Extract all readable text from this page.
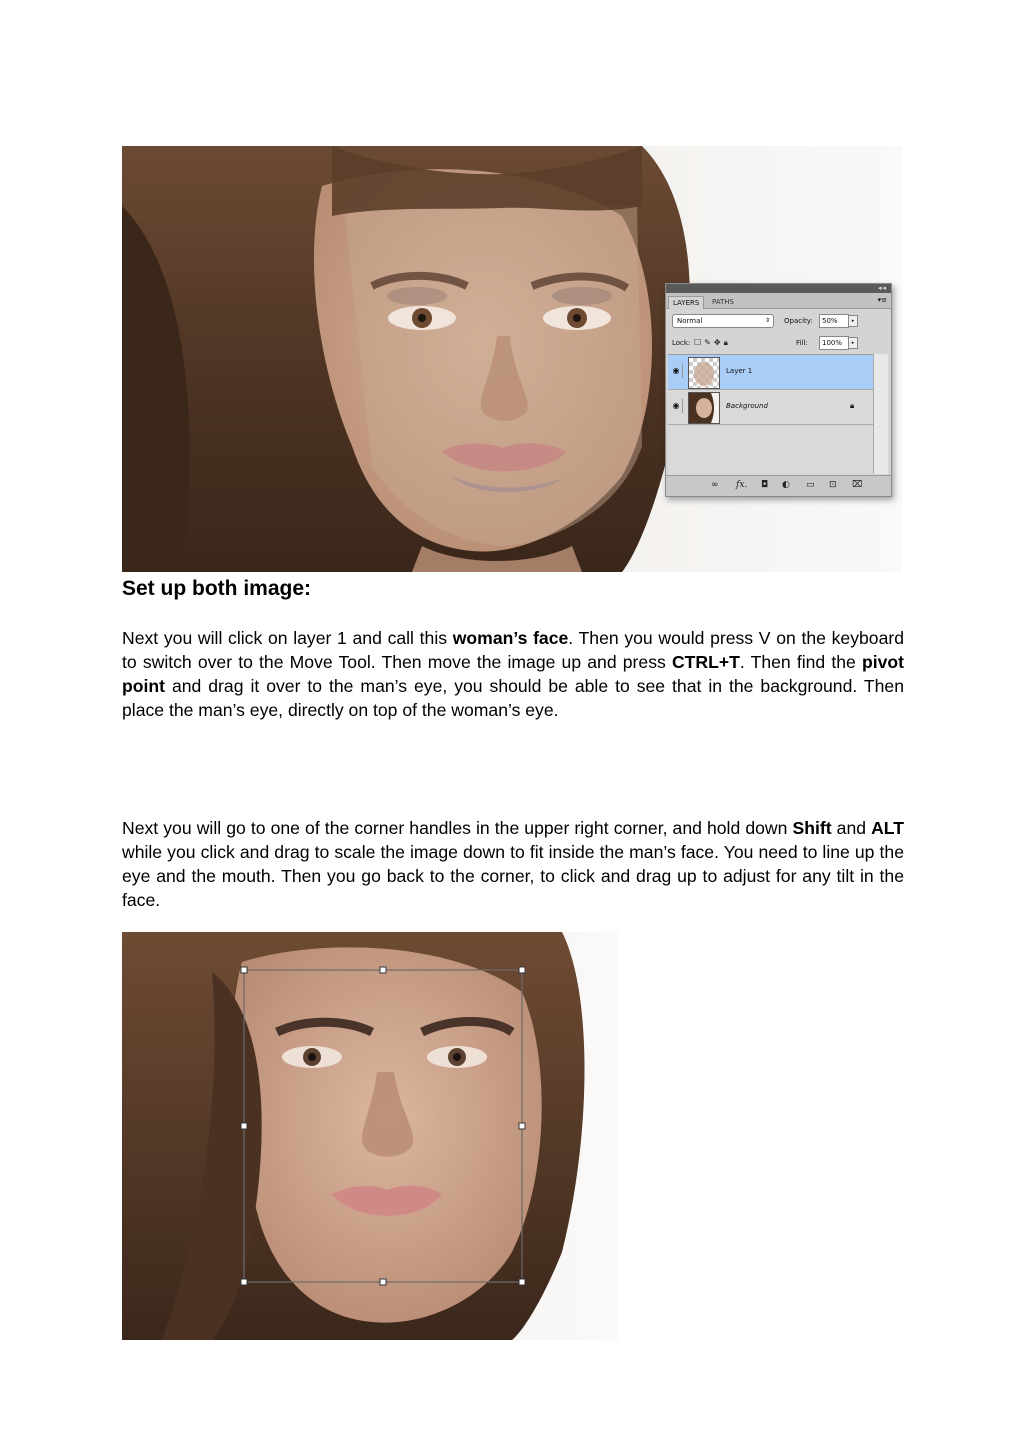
◂◂
LAYERS	PATHS	▾≡
Normal	⇕ Opacity:	50%	▸
Lock: ☐✎✥🔒︎	Fill:	100%	▸
◉	Layer 1
◉	Background	🔒︎
∞ fx. ◘ ◐ ▭ ⊡ ⌧
Set up both image:
Next you will click on layer 1 and call this woman’s face. Then you would press V on the keyboard to switch over to the Move Tool. Then move the image up and press CTRL+T. Then find the pivot point and drag it over to the man’s eye, you should be able to see that in the background. Then place the man’s eye, directly on top of the woman’s eye.
Next you will go to one of the corner handles in the upper right corner, and hold down Shift and ALT while you click and drag to scale the image down to fit inside the man’s face. You need to line up the eye and the mouth. Then you go back to the corner, to click and drag up to adjust for any tilt in the face.
